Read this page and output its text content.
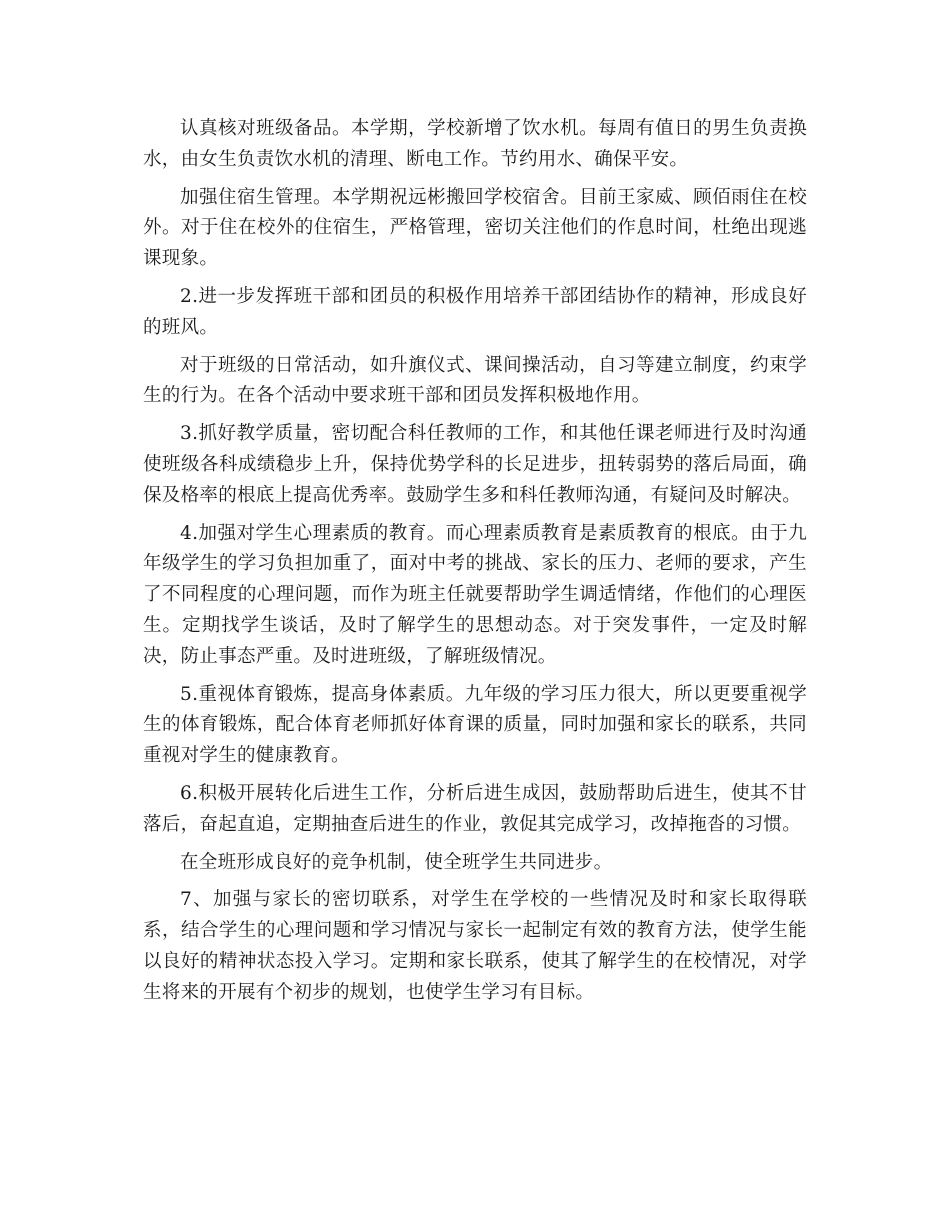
认真核对班级备品。本学期，学校新增了饮水机。每周有值日的男生负责换水，由女生负责饮水机的清理、断电工作。节约用水、确保平安。

加强住宿生管理。本学期祝远彬搬回学校宿舍。目前王家威、顾佰雨住在校外。对于住在校外的住宿生，严格管理，密切关注他们的作息时间，杜绝出现逃课现象。

2.进一步发挥班干部和团员的积极作用培养干部团结协作的精神，形成良好的班风。

对于班级的日常活动，如升旗仪式、课间操活动，自习等建立制度，约束学生的行为。在各个活动中要求班干部和团员发挥积极地作用。

3.抓好教学质量，密切配合科任教师的工作，和其他任课老师进行及时沟通使班级各科成绩稳步上升，保持优势学科的长足进步，扭转弱势的落后局面，确保及格率的根底上提高优秀率。鼓励学生多和科任教师沟通，有疑问及时解决。

4.加强对学生心理素质的教育。而心理素质教育是素质教育的根底。由于九年级学生的学习负担加重了，面对中考的挑战、家长的压力、老师的要求，产生了不同程度的心理问题，而作为班主任就要帮助学生调适情绪，作他们的心理医生。定期找学生谈话，及时了解学生的思想动态。对于突发事件，一定及时解决，防止事态严重。及时进班级，了解班级情况。

5.重视体育锻炼，提高身体素质。九年级的学习压力很大，所以更要重视学生的体育锻炼，配合体育老师抓好体育课的质量，同时加强和家长的联系，共同重视对学生的健康教育。

6.积极开展转化后进生工作，分析后进生成因，鼓励帮助后进生，使其不甘落后，奋起直追，定期抽查后进生的作业，敦促其完成学习，改掉拖沓的习惯。

在全班形成良好的竞争机制，使全班学生共同进步。

7、加强与家长的密切联系，对学生在学校的一些情况及时和家长取得联系，结合学生的心理问题和学习情况与家长一起制定有效的教育方法，使学生能以良好的精神状态投入学习。定期和家长联系，使其了解学生的在校情况，对学生将来的开展有个初步的规划，也使学生学习有目标。
